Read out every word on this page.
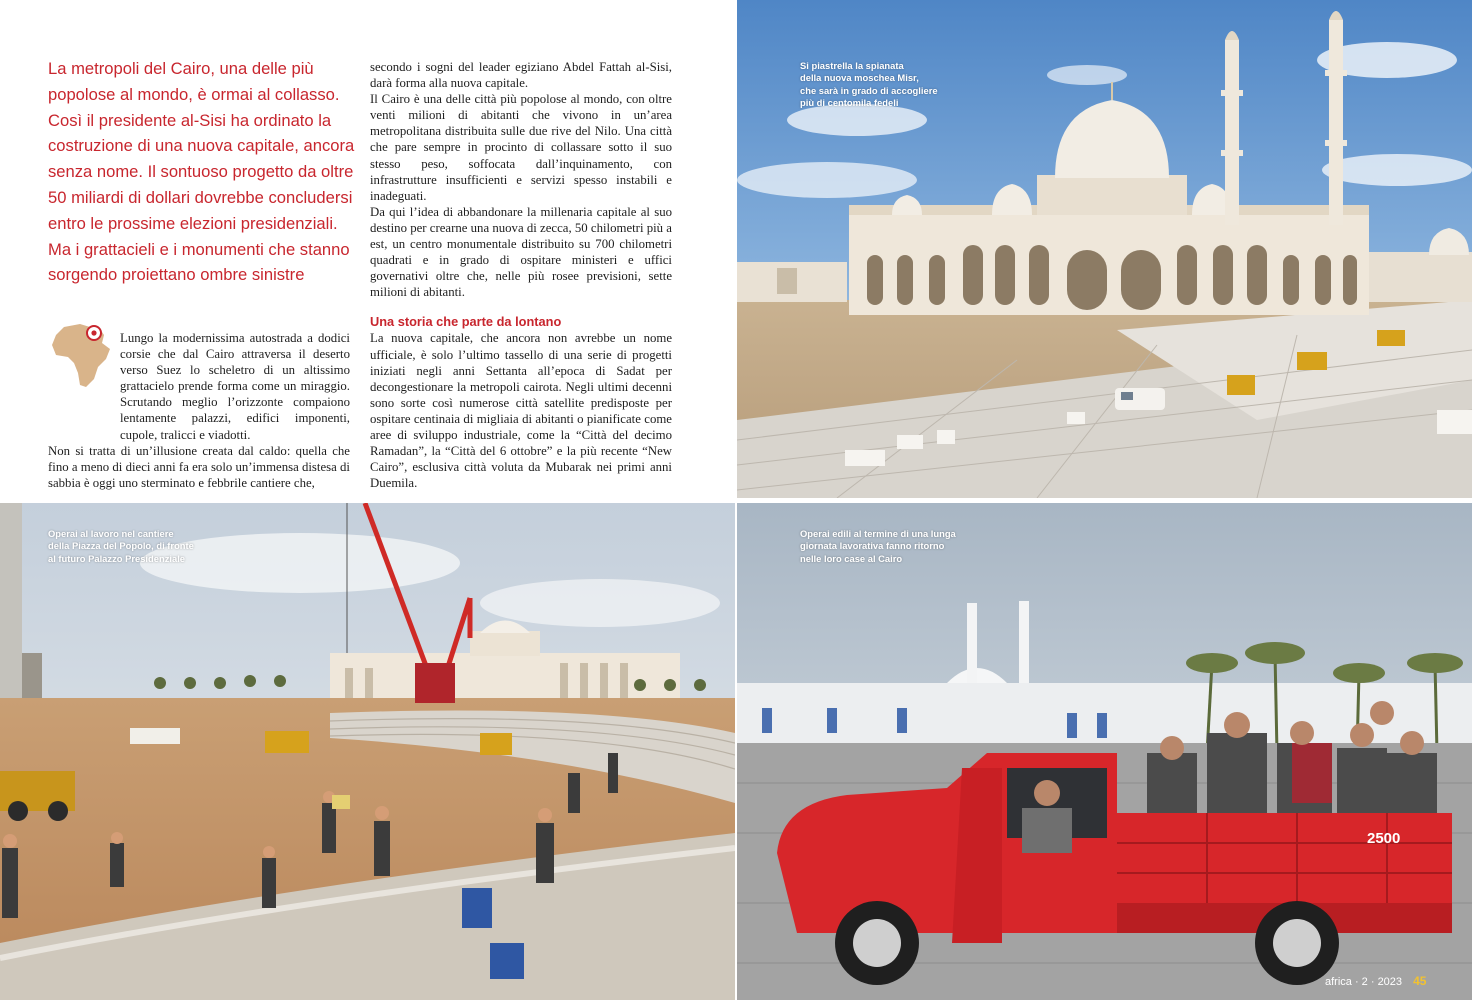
La metropoli del Cairo, una delle più
popolose al mondo, è ormai al collasso.
Così il presidente al-Sisi ha ordinato la
costruzione di una nuova capitale, ancora
senza nome. Il sontuoso progetto da oltre
50 miliardi di dollari dovrebbe concludersi
entro le prossime elezioni presidenziali.
Ma i grattacieli e i monumenti che stanno
sorgendo proiettano ombre sinistre

Lungo la modernissima autostrada a dodici corsie che dal Cairo attraversa il deserto verso Suez lo scheletro di un altissimo grattacielo prende forma come un miraggio. Scrutando meglio l’orizzonte compaiono lentamente palazzi, edifici imponenti, cupole, tralicci e viadotti.

Non si tratta di un’illusione creata dal caldo: quella che fino a meno di dieci anni fa era solo un’immensa distesa di sabbia è oggi uno sterminato e febbrile cantiere che,

secondo i sogni del leader egiziano Abdel Fattah al-Sisi, darà forma alla nuova capitale.

Il Cairo è una delle città più popolose al mondo, con oltre venti milioni di abitanti che vivono in un’area metropolitana distribuita sulle due rive del Nilo. Una città che pare sempre in procinto di collassare sotto il suo stesso peso, soffocata dall’inquinamento, con infrastrutture insufficienti e servizi spesso instabili e inadeguati.

Da qui l’idea di abbandonare la millenaria capitale al suo destino per crearne una nuova di zecca, 50 chilometri più a est, un centro monumentale distribuito su 700 chilometri quadrati e in grado di ospitare ministeri e uffici governativi oltre che, nelle più rosee previsioni, sette milioni di abitanti.

Una storia che parte da lontano

La nuova capitale, che ancora non avrebbe un nome ufficiale, è solo l’ultimo tassello di una serie di progetti iniziati negli anni Settanta all’epoca di Sadat per decongestionare la metropoli cairota. Negli ultimi decenni sono sorte così numerose città satellite predisposte per ospitare centinaia di migliaia di abitanti o pianificate come aree di sviluppo industriale, come la “Città del decimo Ramadan”, la “Città del 6 ottobre” e la più recente “New Cairo”, esclusiva città voluta da Mubarak nei primi anni Duemila.

Si piastrella la spianata
della nuova moschea Misr,
che sarà in grado di accogliere
più di centomila fedeli
Operai al lavoro nel cantiere
della Piazza del Popolo, di fronte
al futuro Palazzo Presidenziale
Operai edili al termine di una lunga
giornata lavorativa fanno ritorno
nelle loro case al Cairo
2500
africa · 2 · 2023 45
